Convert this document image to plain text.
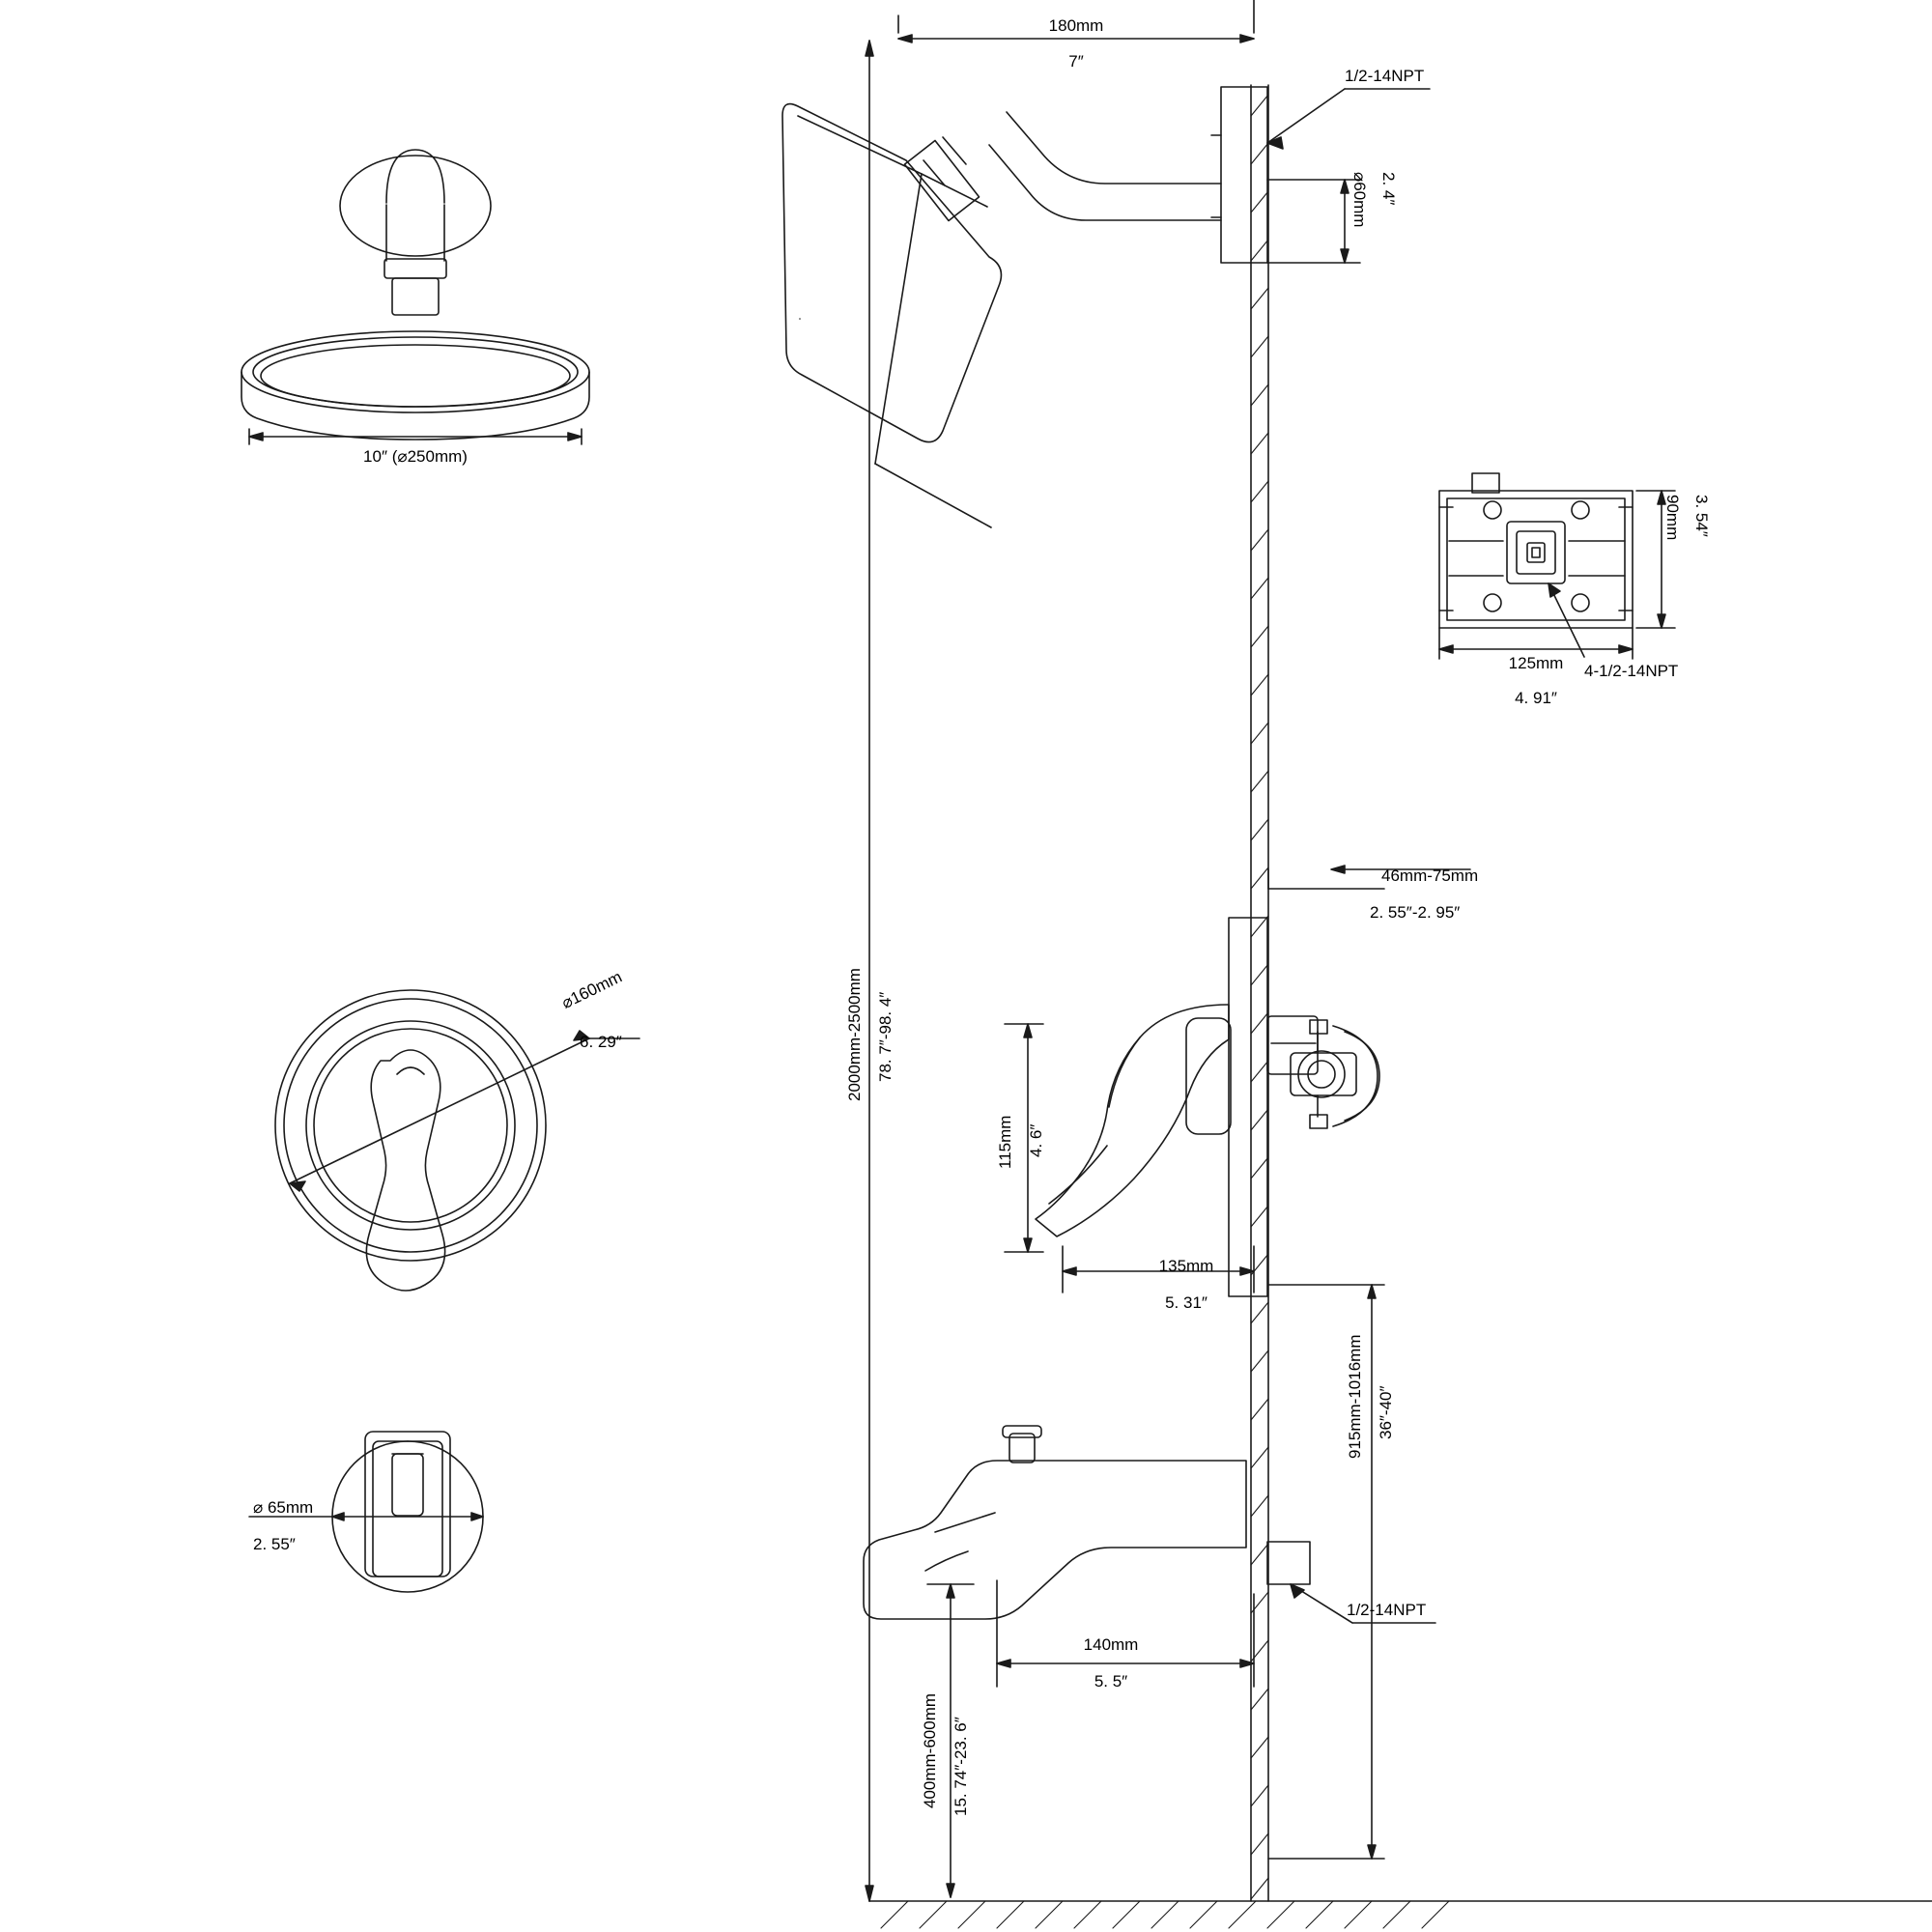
10″ (⌀250mm)
180mm
7″
1/2-14NPT
⌀60mm 2. 4″
90mm 3. 54″
125mm
4. 91″
4-1/2-14NPT
⌀160mm
6. 29″
⌀ 65mm
2. 55″
2000mm-2500mm 78. 7″-98. 4″
46mm-75mm
2. 55″-2. 95″
115mm 4. 6″
135mm
5. 31″
915mm-1016mm 36″-40″
1/2-14NPT
140mm
5. 5″
400mm-600mm 15. 74″-23. 6″
